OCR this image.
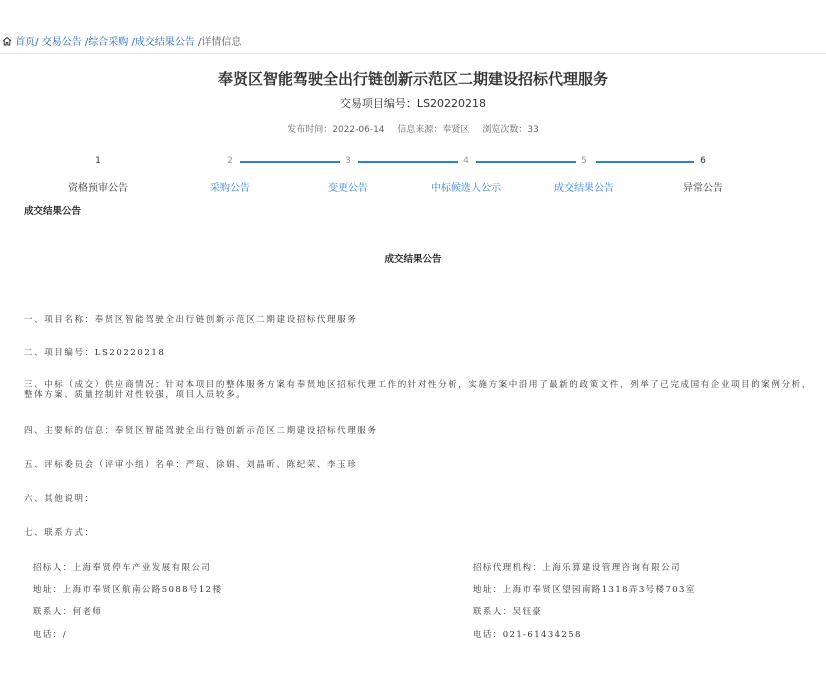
首页/ 交易公告 /综合采购 /成交结果公告 /详情信息
奉贤区智能驾驶全出行链创新示范区二期建设招标代理服务
交易项目编号：LS20220218
发布时间：2022-06-14 信息来源：奉贤区 浏览次数：33
1	2	3	4	5	6
资格预审公告	采购公告	变更公告	中标候选人公示	成交结果公告	异常公告
成交结果公告
成交结果公告
一、项目名称：奉贤区智能驾驶全出行链创新示范区二期建设招标代理服务
二、项目编号：LS20220218
三、中标（成交）供应商情况：针对本项目的整体服务方案有奉贤地区招标代理工作的针对性分析，实施方案中沿用了最新的政策文件，列举了已完成国有企业项目的案例分析，整体方案、质量控制针对性较强，项目人员较多。
四、主要标的信息：奉贤区智能驾驶全出行链创新示范区二期建设招标代理服务
五、评标委员会（评审小组）名单：严瑄、徐娟、刘晶昕、陈纪荣、李玉珍
六、其他说明：
七、联系方式：
招标人：上海奉贤停车产业发展有限公司
地址：上海市奉贤区航南公路5088号12楼
联系人：何老师
电话：/
招标代理机构：上海乐算建设管理咨询有限公司
地址：上海市奉贤区望园南路1318弄3号楼703室
联系人：吴钰豪
电话：021-61434258
